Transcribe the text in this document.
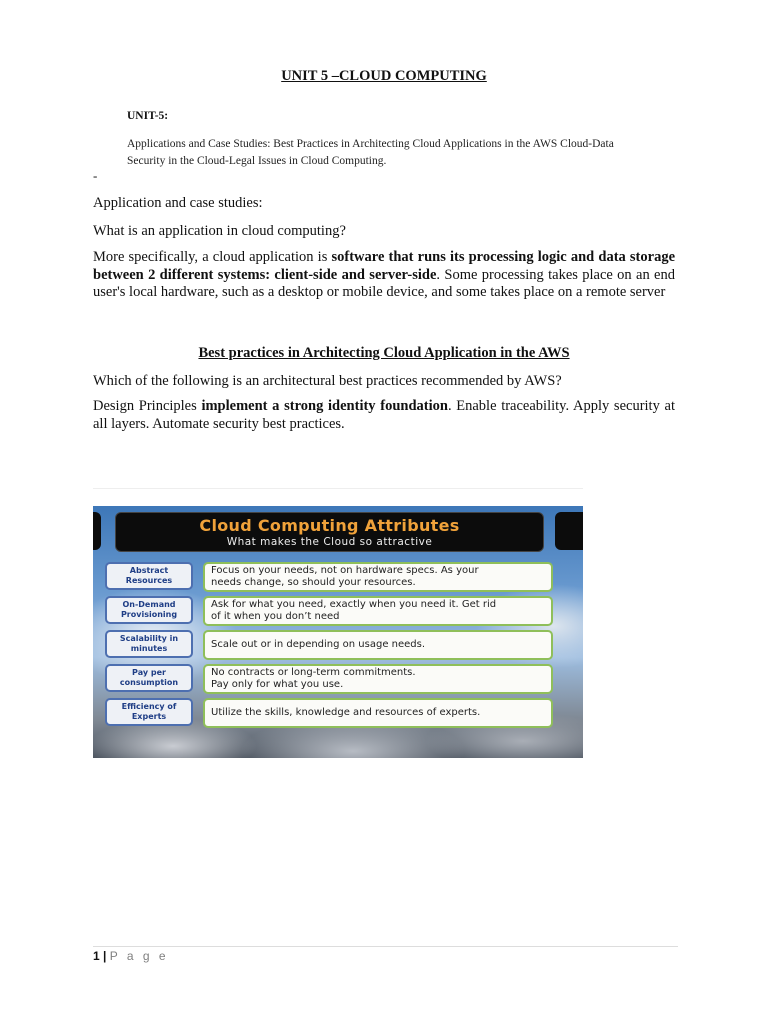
UNIT 5 –CLOUD COMPUTING
UNIT-5:
Applications and Case Studies: Best Practices in Architecting Cloud Applications in the AWS Cloud-Data
Security in the Cloud-Legal Issues in Cloud Computing.
-
Application and case studies:
What is an application in cloud computing?
More specifically, a cloud application is software that runs its processing logic and data storage between 2 different systems: client-side and server-side. Some processing takes place on an end user's local hardware, such as a desktop or mobile device, and some takes place on a remote server
Best practices in Architecting Cloud Application in the AWS
Which of the following is an architectural best practices recommended by AWS?
Design Principles implement a strong identity foundation. Enable traceability. Apply security at all layers. Automate security best practices.
Cloud Computing Attributes
What makes the Cloud so attractive
Abstract
Resources
Focus on your needs, not on hardware specs. As your
needs change, so should your resources.
On-Demand
Provisioning
Ask for what you need, exactly when you need it. Get rid
of it when you don’t need
Scalability in
minutes	Scale out or in depending on usage needs.
Pay per
consumption
No contracts or long-term commitments.
Pay only for what you use.
Efficiency of
Experts	Utilize the skills, knowledge and resources of experts.
1 | P a g e
